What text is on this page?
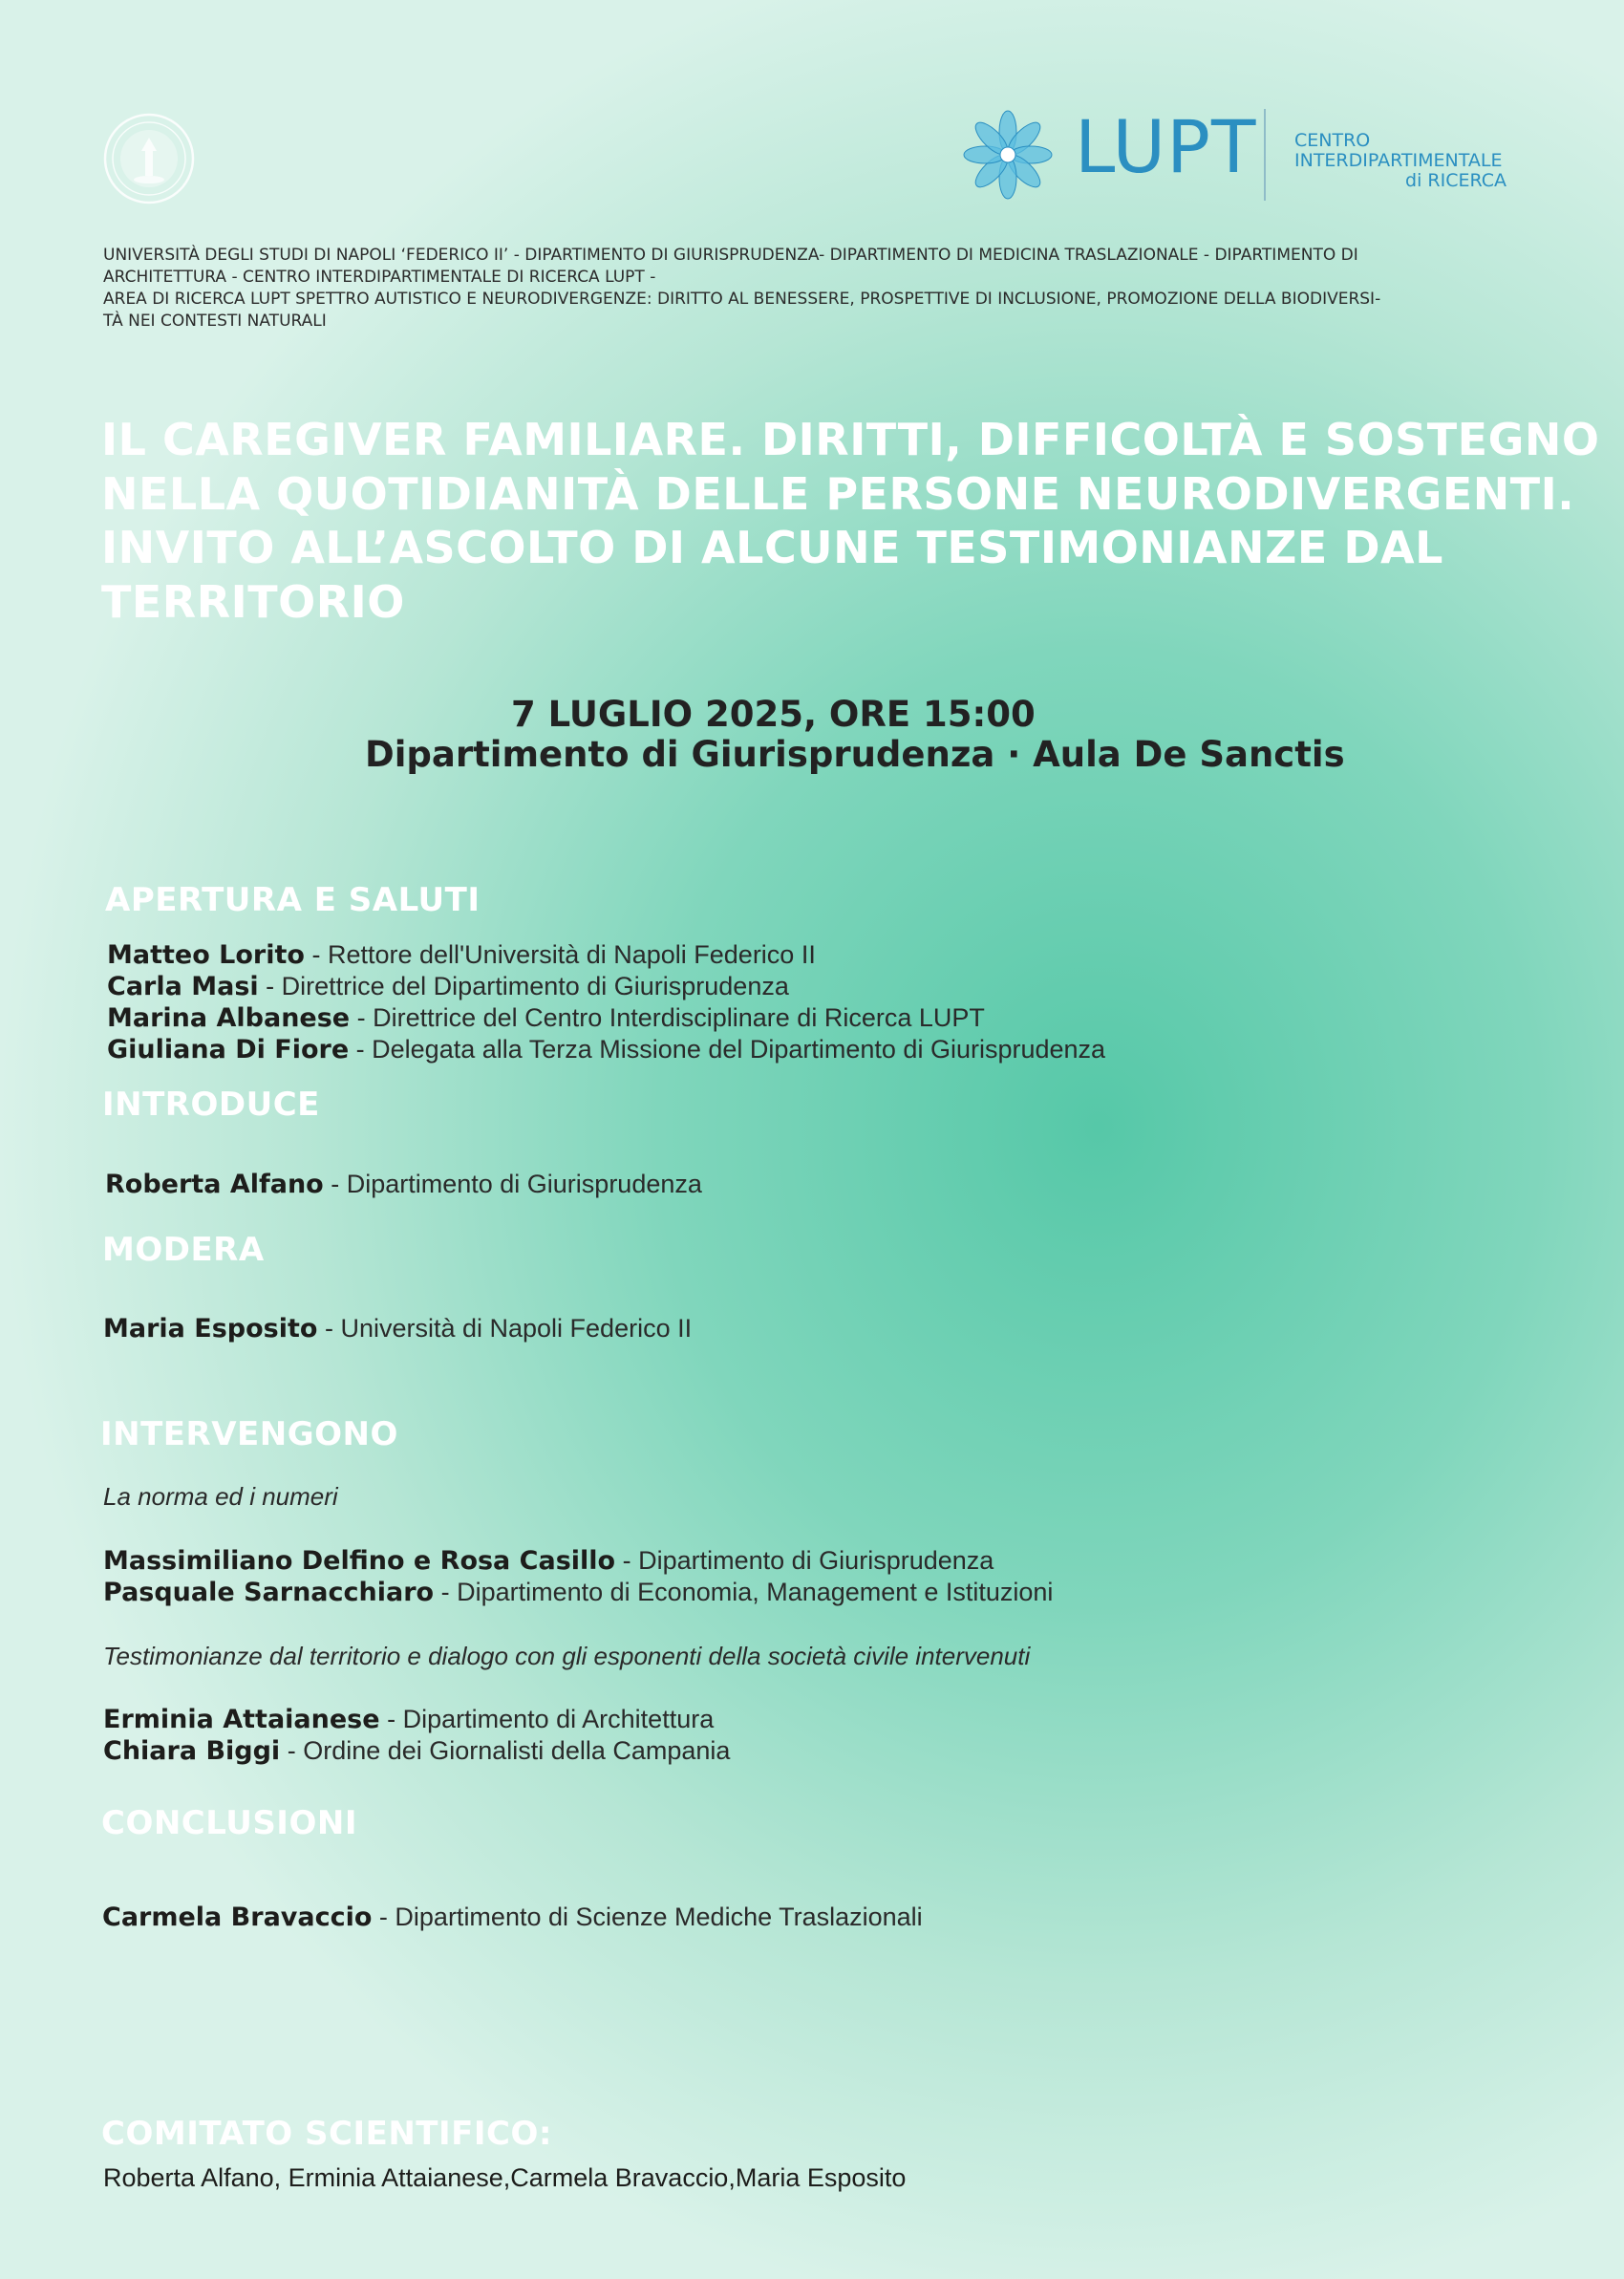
LUPT CENTRO
INTERDIPARTIMENTALE
di RICERCA
UNIVERSITÀ DEGLI STUDI DI NAPOLI ‘FEDERICO II’ - DIPARTIMENTO DI GIURISPRUDENZA- DIPARTIMENTO DI MEDICINA TRASLAZIONALE - DIPARTIMENTO DI
ARCHITETTURA - CENTRO INTERDIPARTIMENTALE DI RICERCA LUPT -
AREA DI RICERCA LUPT SPETTRO AUTISTICO E NEURODIVERGENZE: DIRITTO AL BENESSERE, PROSPETTIVE DI INCLUSIONE, PROMOZIONE DELLA BIODIVERSI-
TÀ NEI CONTESTI NATURALI
IL CAREGIVER FAMILIARE. DIRITTI, DIFFICOLTÀ E SOSTEGNO
NELLA QUOTIDIANITÀ DELLE PERSONE NEURODIVERGENTI.
INVITO ALL’ASCOLTO DI ALCUNE TESTIMONIANZE DAL
TERRITORIO
7 LUGLIO 2025, ORE 15:00
Dipartimento di Giurisprudenza · Aula De Sanctis
APERTURA E SALUTI
Matteo Lorito - Rettore dell'Università di Napoli Federico II
Carla Masi - Direttrice del Dipartimento di Giurisprudenza
Marina Albanese - Direttrice del Centro Interdisciplinare di Ricerca LUPT
Giuliana Di Fiore - Delegata alla Terza Missione del Dipartimento di Giurisprudenza
INTRODUCE
Roberta Alfano - Dipartimento di Giurisprudenza
MODERA
Maria Esposito - Università di Napoli Federico II
INTERVENGONO
La norma ed i numeri
Massimiliano Delfino e Rosa Casillo - Dipartimento di Giurisprudenza
Pasquale Sarnacchiaro - Dipartimento di Economia, Management e Istituzioni
Testimonianze dal territorio e dialogo con gli esponenti della società civile intervenuti
Erminia Attaianese - Dipartimento di Architettura
Chiara Biggi - Ordine dei Giornalisti della Campania
CONCLUSIONI
Carmela Bravaccio - Dipartimento di Scienze Mediche Traslazionali
COMITATO SCIENTIFICO:
Roberta Alfano, Erminia Attaianese,Carmela Bravaccio,Maria Esposito
